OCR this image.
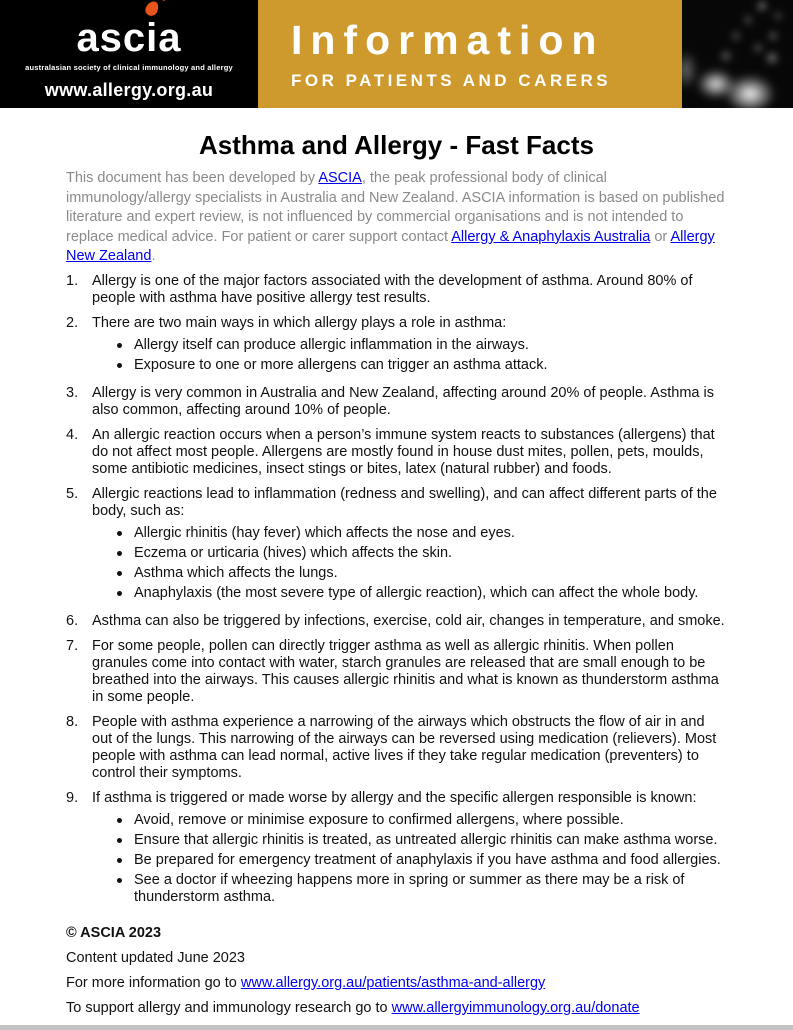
ascia
australasian society of clinical immunology and allergy
www.allergy.org.au
Information
FOR PATIENTS AND CARERS
Asthma and Allergy - Fast Facts

This document has been developed by ASCIA, the peak professional body of clinical immunology/allergy specialists in Australia and New Zealand. ASCIA information is based on published literature and expert review, is not influenced by commercial organisations and is not intended to replace medical advice. For patient or carer support contact Allergy & Anaphylaxis Australia or Allergy New Zealand.

1. Allergy is one of the major factors associated with the development of asthma. Around 80% of people with asthma have positive allergy test results.
2. There are two main ways in which allergy plays a role in asthma:
Allergy itself can produce allergic inflammation in the airways.
Exposure to one or more allergens can trigger an asthma attack.
3. Allergy is very common in Australia and New Zealand, affecting around 20% of people. Asthma is also common, affecting around 10% of people.
4. An allergic reaction occurs when a person’s immune system reacts to substances (allergens) that do not affect most people. Allergens are mostly found in house dust mites, pollen, pets, moulds, some antibiotic medicines, insect stings or bites, latex (natural rubber) and foods.
5. Allergic reactions lead to inflammation (redness and swelling), and can affect different parts of the body, such as:
Allergic rhinitis (hay fever) which affects the nose and eyes.
Eczema or urticaria (hives) which affects the skin.
Asthma which affects the lungs.
Anaphylaxis (the most severe type of allergic reaction), which can affect the whole body.
6. Asthma can also be triggered by infections, exercise, cold air, changes in temperature, and smoke.
7. For some people, pollen can directly trigger asthma as well as allergic rhinitis. When pollen granules come into contact with water, starch granules are released that are small enough to be breathed into the airways. This causes allergic rhinitis and what is known as thunderstorm asthma in some people.
8. People with asthma experience a narrowing of the airways which obstructs the flow of air in and out of the lungs. This narrowing of the airways can be reversed using medication (relievers). Most people with asthma can lead normal, active lives if they take regular medication (preventers) to control their symptoms.
9. If asthma is triggered or made worse by allergy and the specific allergen responsible is known:
Avoid, remove or minimise exposure to confirmed allergens, where possible.
Ensure that allergic rhinitis is treated, as untreated allergic rhinitis can make asthma worse.
Be prepared for emergency treatment of anaphylaxis if you have asthma and food allergies.
See a doctor if wheezing happens more in spring or summer as there may be a risk of thunderstorm asthma.

© ASCIA 2023

Content updated June 2023

For more information go to www.allergy.org.au/patients/asthma-and-allergy

To support allergy and immunology research go to www.allergyimmunology.org.au/donate
